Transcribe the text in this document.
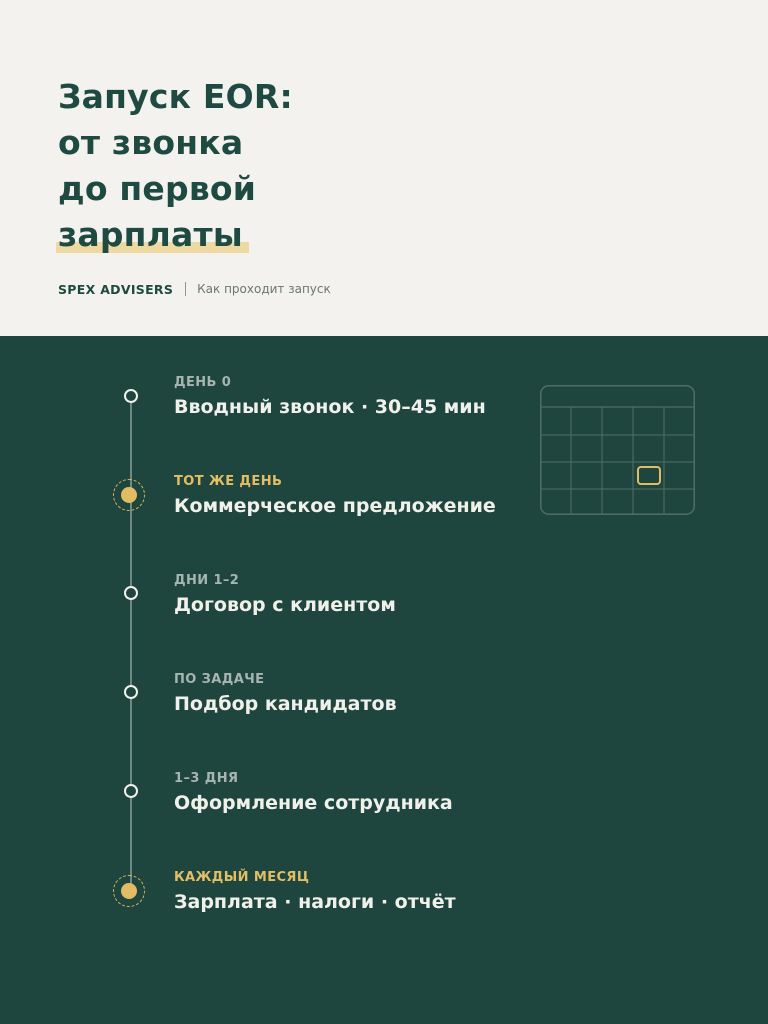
Запуск EOR:
от звонка
до первой
зарплаты
SPEX ADVISERS Как проходит запуск
ДЕНЬ 0
Вводный звонок · 30–45 мин
ТОТ ЖЕ ДЕНЬ
Коммерческое предложение
ДНИ 1–2
Договор с клиентом
ПО ЗАДАЧЕ
Подбор кандидатов
1–3 ДНЯ
Оформление сотрудника
КАЖДЫЙ МЕСЯЦ
Зарплата · налоги · отчёт
